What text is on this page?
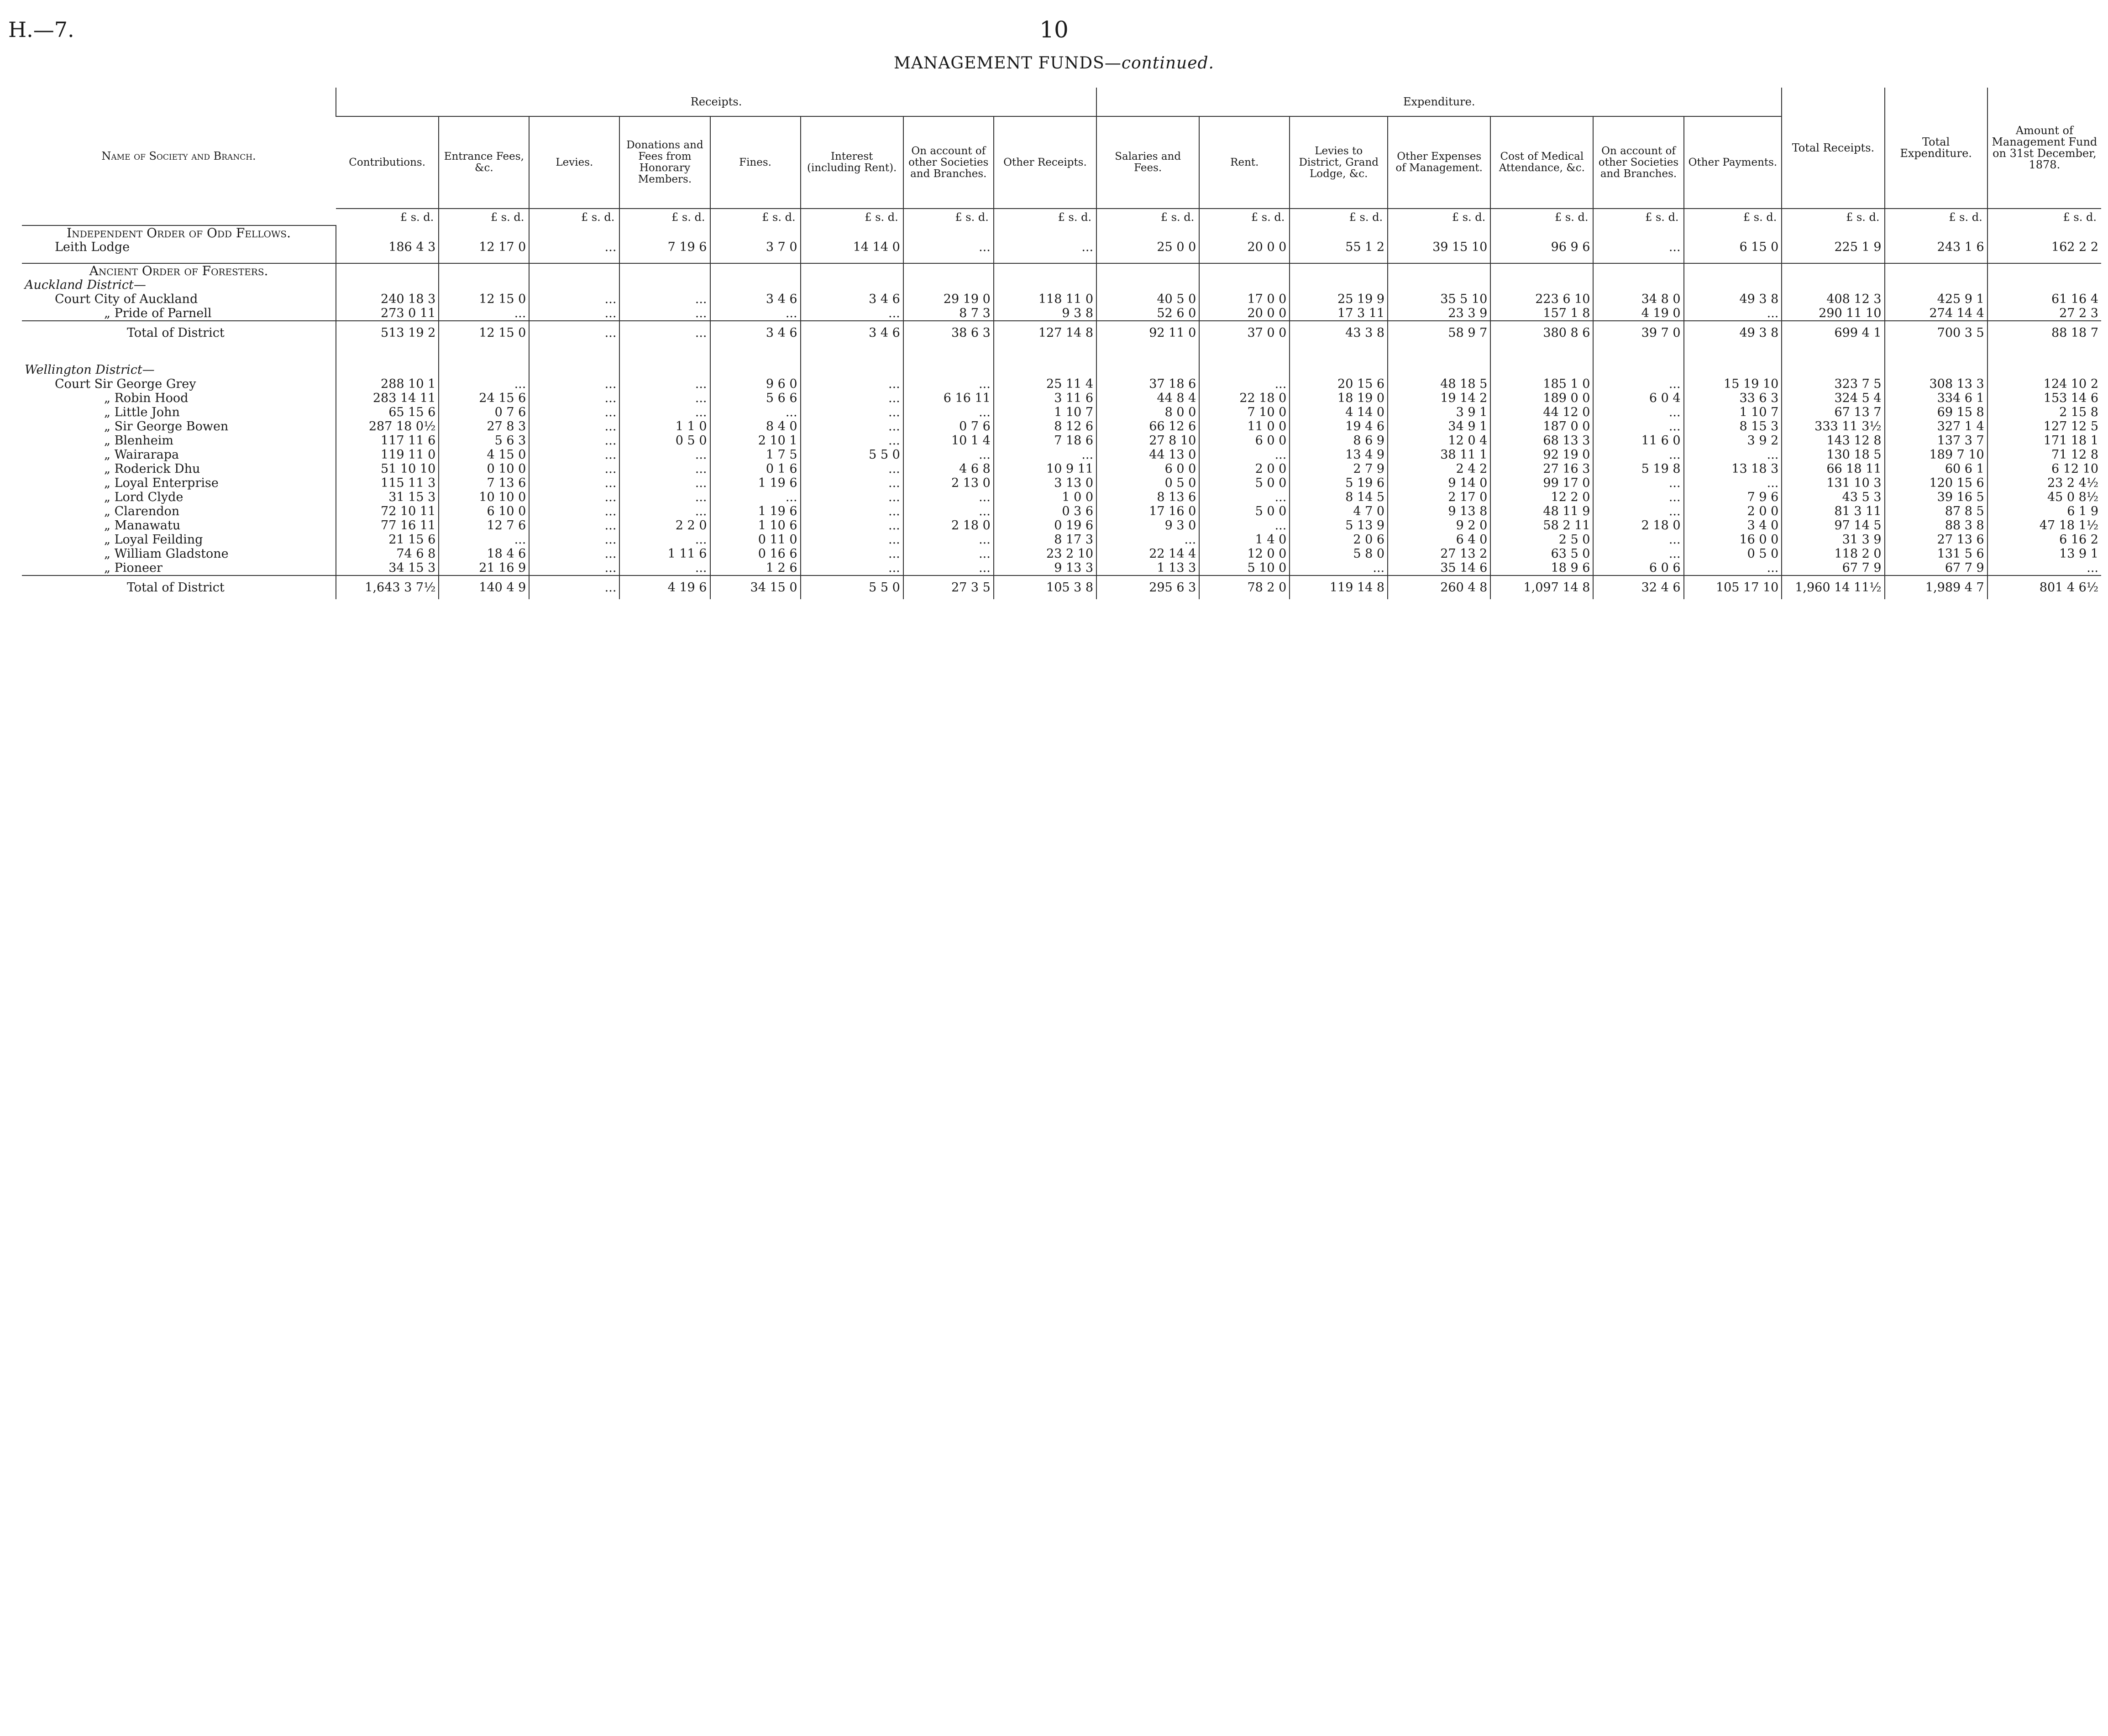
H.—7.	10
MANAGEMENT FUNDS—continued.
Name of Society and Branch.	Receipts.								Expenditure.							Total Receipts.	Total Expenditure.	Amount of Management Fund on 31st December, 1878.
	Contributions.	Entrance Fees, &c.	Levies.	Donations and Fees from Honorary Members.	Fines.	Interest (including Rent).	On account of other Societies and Branches.	Other Receipts.	Salaries and Fees.	Rent.	Levies to District, Grand Lodge, &c.	Other Expenses of Management.	Cost of Medical Attendance, &c.	On account of other Societies and Branches.	Other Payments.			
	£ s. d.	£ s. d.	£ s. d.	£ s. d.	£ s. d.	£ s. d.	£ s. d.	£ s. d.	£ s. d.	£ s. d.	£ s. d.	£ s. d.	£ s. d.	£ s. d.	£ s. d.	£ s. d.	£ s. d.	£ s. d.
Independent Order of Odd Fellows.																		
Leith Lodge	186 4 3	12 17 0	...	7 19 6	3 7 0	14 14 0	...	...	25 0 0	20 0 0	55 1 2	39 15 10	96 9 6	...	6 15 0	225 1 9	243 1 6	162 2 2

Ancient Order of Foresters.																		
Auckland District—																		
Court City of Auckland	240 18 3	12 15 0	...	...	3 4 6	3 4 6	29 19 0	118 11 0	40 5 0	17 0 0	25 19 9	35 5 10	223 6 10	34 8 0	49 3 8	408 12 3	425 9 1	61 16 4
„ Pride of Parnell	273 0 11	...	...	...	...	...	8 7 3	9 3 8	52 6 0	20 0 0	17 3 11	23 3 9	157 1 8	4 19 0	...	290 11 10	274 14 4	27 2 3
Total of District	513 19 2	12 15 0	...	...	3 4 6	3 4 6	38 6 3	127 14 8	92 11 0	37 0 0	43 3 8	58 9 7	380 8 6	39 7 0	49 3 8	699 4 1	700 3 5	88 18 7

Wellington District—																		
Court Sir George Grey	288 10 1	...	...	...	9 6 0	...	...	25 11 4	37 18 6	...	20 15 6	48 18 5	185 1 0	...	15 19 10	323 7 5	308 13 3	124 10 2
„ Robin Hood	283 14 11	24 15 6	...	...	5 6 6	...	6 16 11	3 11 6	44 8 4	22 18 0	18 19 0	19 14 2	189 0 0	6 0 4	33 6 3	324 5 4	334 6 1	153 14 6
„ Little John	65 15 6	0 7 6	...	...	...	...	...	1 10 7	8 0 0	7 10 0	4 14 0	3 9 1	44 12 0	...	1 10 7	67 13 7	69 15 8	2 15 8
„ Sir George Bowen	287 18 0½	27 8 3	...	1 1 0	8 4 0	...	0 7 6	8 12 6	66 12 6	11 0 0	19 4 6	34 9 1	187 0 0	...	8 15 3	333 11 3½	327 1 4	127 12 5
„ Blenheim	117 11 6	5 6 3	...	0 5 0	2 10 1	...	10 1 4	7 18 6	27 8 10	6 0 0	8 6 9	12 0 4	68 13 3	11 6 0	3 9 2	143 12 8	137 3 7	171 18 1
„ Wairarapa	119 11 0	4 15 0	...	...	1 7 5	5 5 0	...	...	44 13 0	...	13 4 9	38 11 1	92 19 0	...	...	130 18 5	189 7 10	71 12 8
„ Roderick Dhu	51 10 10	0 10 0	...	...	0 1 6	...	4 6 8	10 9 11	6 0 0	2 0 0	2 7 9	2 4 2	27 16 3	5 19 8	13 18 3	66 18 11	60 6 1	6 12 10
„ Loyal Enterprise	115 11 3	7 13 6	...	...	1 19 6	...	2 13 0	3 13 0	0 5 0	5 0 0	5 19 6	9 14 0	99 17 0	...	...	131 10 3	120 15 6	23 2 4½
„ Lord Clyde	31 15 3	10 10 0	...	...	...	...	...	1 0 0	8 13 6	...	8 14 5	2 17 0	12 2 0	...	7 9 6	43 5 3	39 16 5	45 0 8½
„ Clarendon	72 10 11	6 10 0	...	...	1 19 6	...	...	0 3 6	17 16 0	5 0 0	4 7 0	9 13 8	48 11 9	...	2 0 0	81 3 11	87 8 5	6 1 9
„ Manawatu	77 16 11	12 7 6	...	2 2 0	1 10 6	...	2 18 0	0 19 6	9 3 0	...	5 13 9	9 2 0	58 2 11	2 18 0	3 4 0	97 14 5	88 3 8	47 18 1½
„ Loyal Feilding	21 15 6	...	...	...	0 11 0	...	...	8 17 3	...	1 4 0	2 0 6	6 4 0	2 5 0	...	16 0 0	31 3 9	27 13 6	6 16 2
„ William Gladstone	74 6 8	18 4 6	...	1 11 6	0 16 6	...	...	23 2 10	22 14 4	12 0 0	5 8 0	27 13 2	63 5 0	...	0 5 0	118 2 0	131 5 6	13 9 1
„ Pioneer	34 15 3	21 16 9	...	...	1 2 6	...	...	9 13 3	1 13 3	5 10 0	...	35 14 6	18 9 6	6 0 6	...	67 7 9	67 7 9	...
Total of District	1,643 3 7½	140 4 9	...	4 19 6	34 15 0	5 5 0	27 3 5	105 3 8	295 6 3	78 2 0	119 14 8	260 4 8	1,097 14 8	32 4 6	105 17 10	1,960 14 11½	1,989 4 7	801 4 6½
